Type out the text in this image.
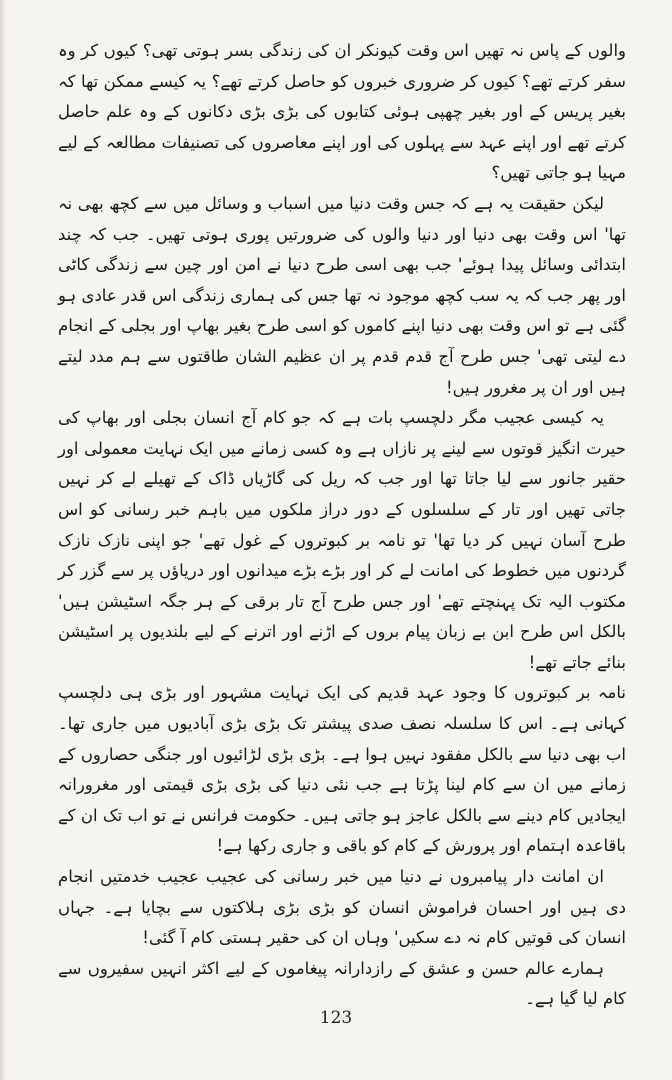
والوں کے پاس نہ تھیں اس وقت کیونکر ان کی زندگی بسر ہوتی تھی؟ کیوں کر وہ سفر کرتے تھے؟ کیوں کر ضروری خبروں کو حاصل کرتے تھے؟ یہ کیسے ممکن تھا کہ بغیر پریس کے اور بغیر چھپی ہوئی کتابوں کی بڑی بڑی دکانوں کے وہ علم حاصل کرتے تھے اور اپنے عہد سے پہلوں کی اور اپنے معاصروں کی تصنیفات مطالعہ کے لیے مہیا ہو جاتی تھیں؟

لیکن حقیقت یہ ہے کہ جس وقت دنیا میں اسباب و وسائل میں سے کچھ بھی نہ تھا' اس وقت بھی دنیا اور دنیا والوں کی ضرورتیں پوری ہوتی تھیں۔ جب کہ چند ابتدائی وسائل پیدا ہوئے' جب بھی اسی طرح دنیا نے امن اور چین سے زندگی کاٹی اور پھر جب کہ یہ سب کچھ موجود نہ تھا جس کی ہماری زندگی اس قدر عادی ہو گئی ہے تو اس وقت بھی دنیا اپنے کاموں کو اسی طرح بغیر بھاپ اور بجلی کے انجام دے لیتی تھی' جس طرح آج قدم قدم پر ان عظیم الشان طاقتوں سے ہم مدد لیتے ہیں اور ان پر مغرور ہیں!

یہ کیسی عجیب مگر دلچسپ بات ہے کہ جو کام آج انسان بجلی اور بھاپ کی حیرت انگیز قوتوں سے لینے پر نازاں ہے وہ کسی زمانے میں ایک نہایت معمولی اور حقیر جانور سے لیا جاتا تھا اور جب کہ ریل کی گاڑیاں ڈاک کے تھیلے لے کر نہیں جاتی تھیں اور تار کے سلسلوں کے دور دراز ملکوں میں باہم خبر رسانی کو اس طرح آسان نہیں کر دیا تھا' تو نامہ بر کبوتروں کے غول تھے' جو اپنی نازک نازک گردنوں میں خطوط کی امانت لے کر اور بڑے بڑے میدانوں اور دریاؤں پر سے گزر کر مکتوب الیہ تک پہنچتے تھے' اور جس طرح آج تار برقی کے ہر جگہ اسٹیشن ہیں' بالکل اس طرح ابن بے زبان پیام بروں کے اڑنے اور اترنے کے لیے بلندیوں پر اسٹیشن بنائے جاتے تھے!

نامہ بر کبوتروں کا وجود عہد قدیم کی ایک نہایت مشہور اور بڑی ہی دلچسپ کہانی ہے۔ اس کا سلسلہ نصف صدی پیشتر تک بڑی بڑی آبادیوں میں جاری تھا۔ اب بھی دنیا سے بالکل مفقود نہیں ہوا ہے۔ بڑی بڑی لڑائیوں اور جنگی حصاروں کے زمانے میں ان سے کام لینا پڑتا ہے جب نئی دنیا کی بڑی بڑی قیمتی اور مغرورانہ ایجادیں کام دینے سے بالکل عاجز ہو جاتی ہیں۔ حکومت فرانس نے تو اب تک ان کے باقاعدہ اہتمام اور پرورش کے کام کو باقی و جاری رکھا ہے!

ان امانت دار پیامبروں نے دنیا میں خبر رسانی کی عجیب عجیب خدمتیں انجام دی ہیں اور احسان فراموش انسان کو بڑی بڑی ہلاکتوں سے بچایا ہے۔ جہاں انسان کی قوتیں کام نہ دے سکیں' وہاں ان کی حقیر ہستی کام آ گئی!

ہمارے عالم حسن و عشق کے رازدارانہ پیغاموں کے لیے اکثر انہیں سفیروں سے کام لیا گیا ہے۔

123
